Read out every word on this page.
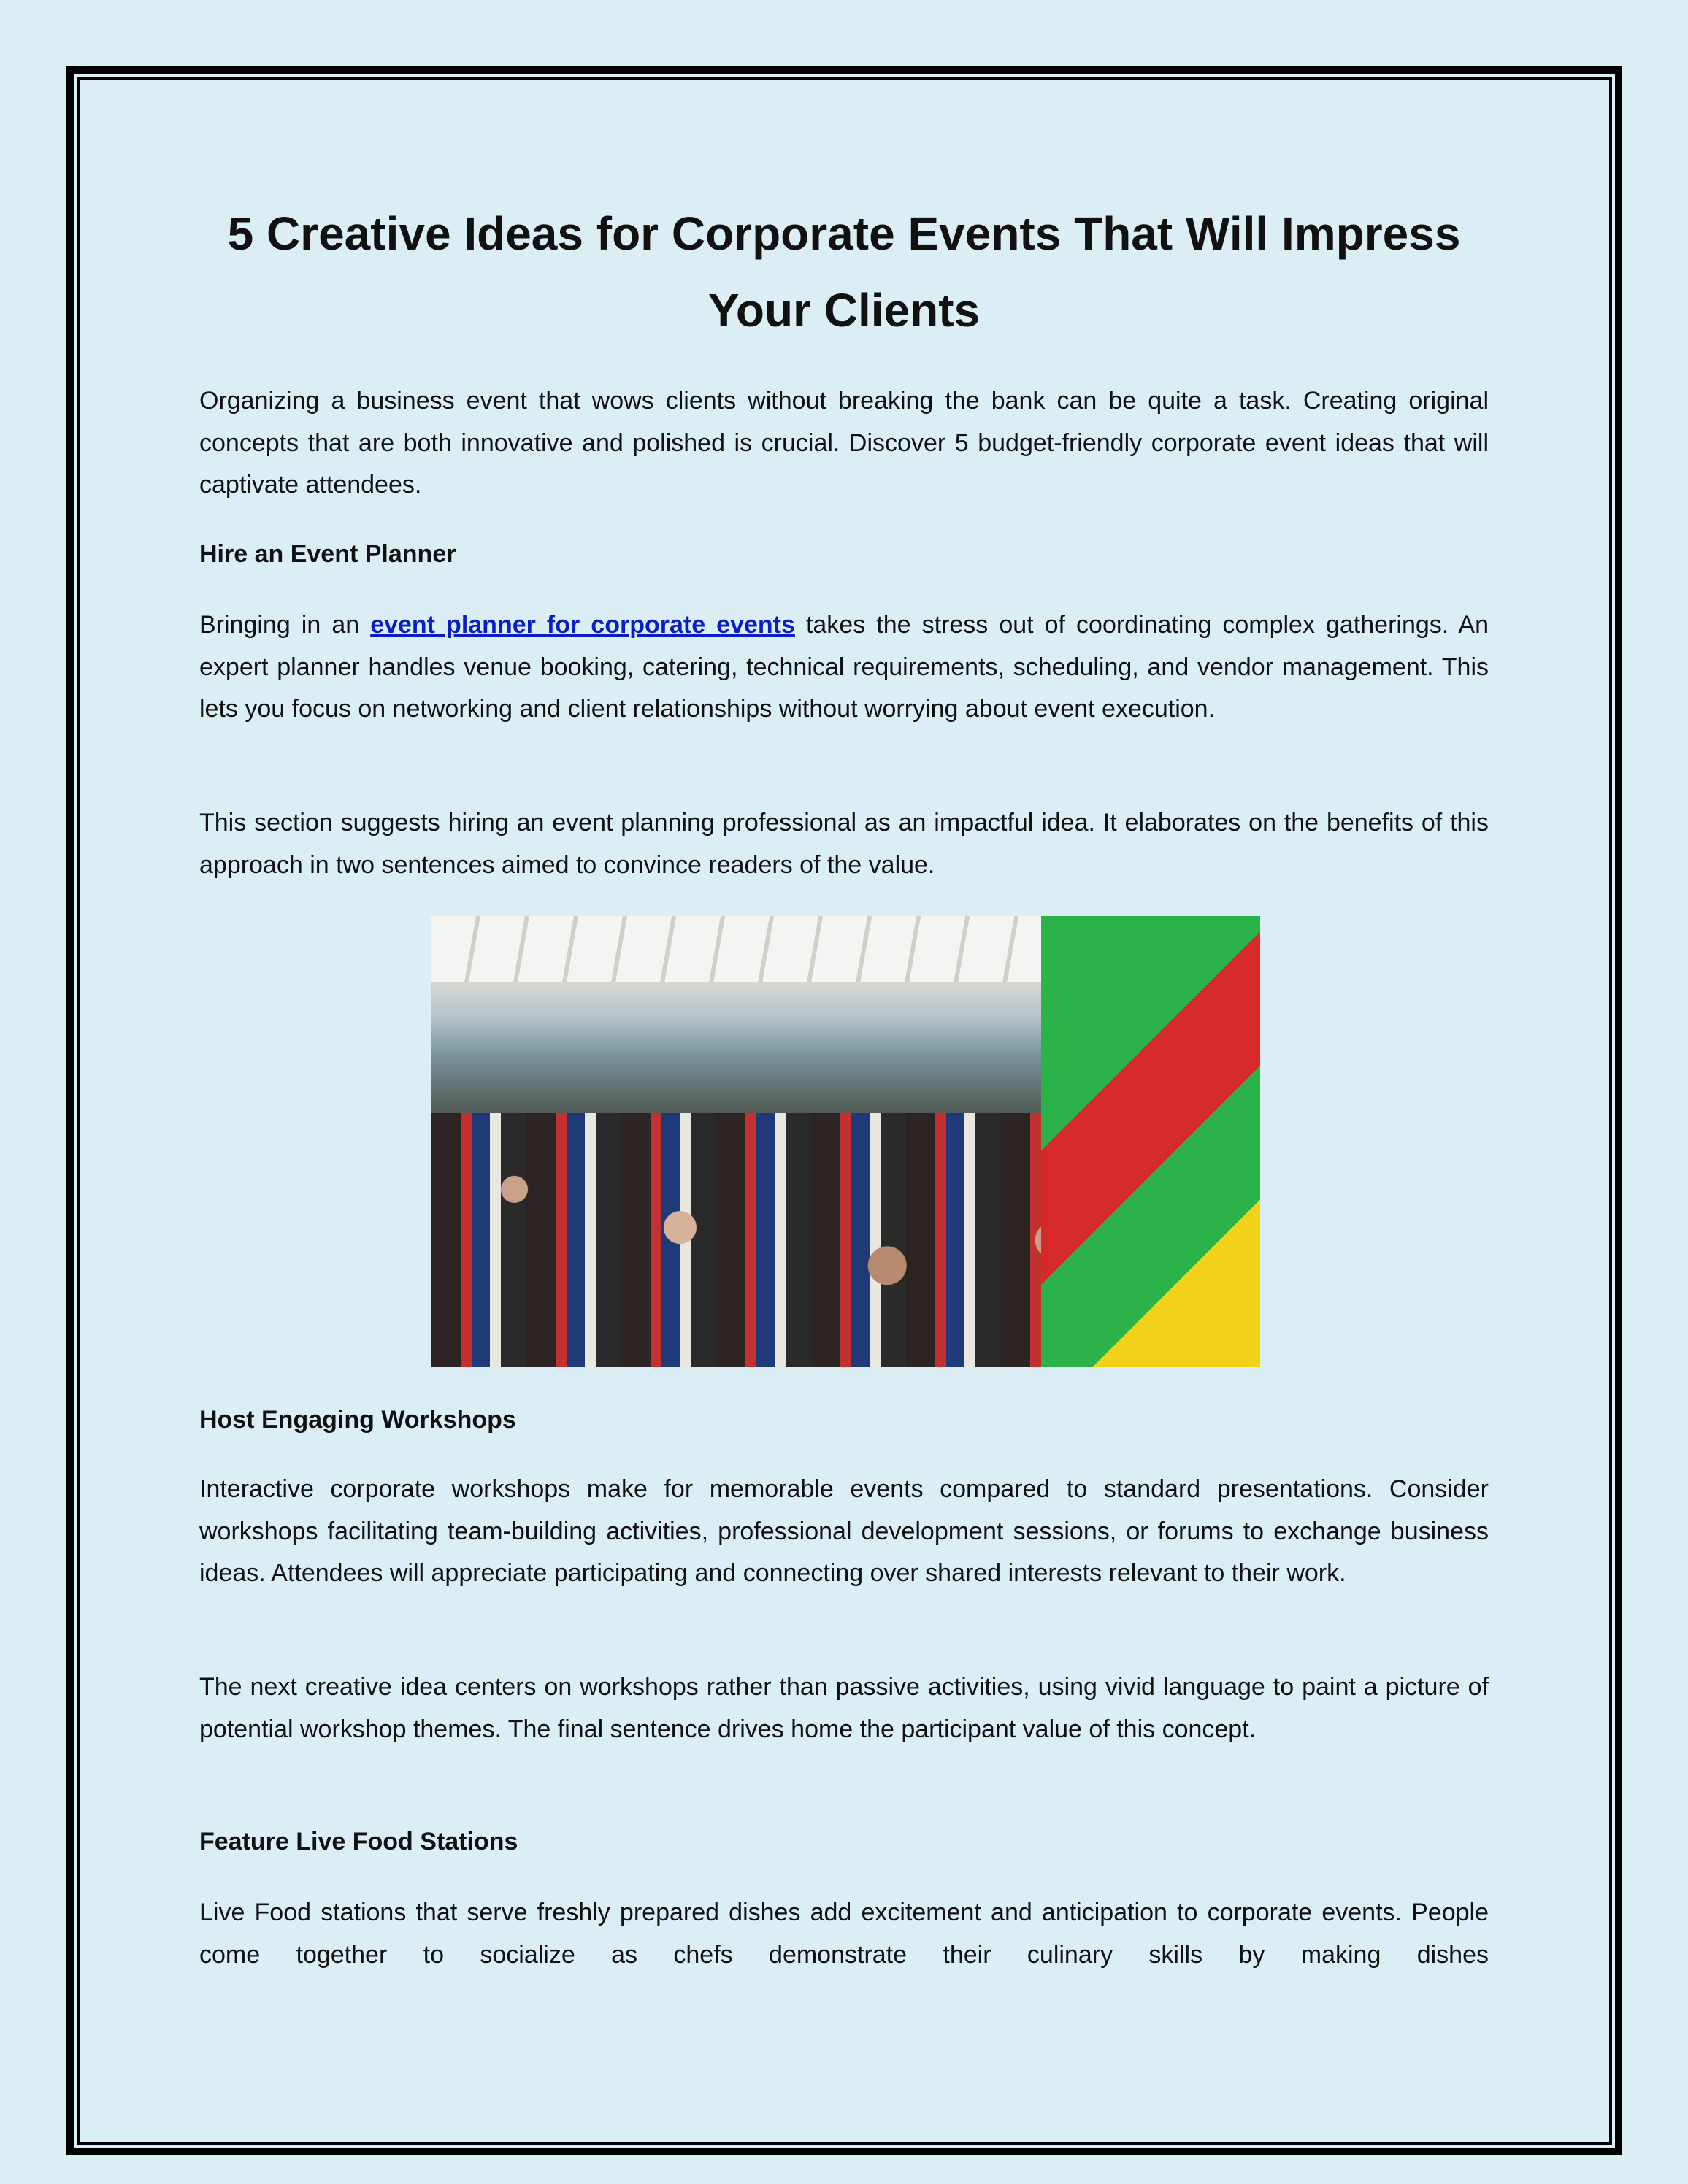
5 Creative Ideas for Corporate Events That Will Impress Your Clients

Organizing a business event that wows clients without breaking the bank can be quite a task. Creating original concepts that are both innovative and polished is crucial. Discover 5 budget-friendly corporate event ideas that will captivate attendees.

Hire an Event Planner

Bringing in an event planner for corporate events takes the stress out of coordinating complex gatherings. An expert planner handles venue booking, catering, technical requirements, scheduling, and vendor management. This lets you focus on networking and client relationships without worrying about event execution.

This section suggests hiring an event planning professional as an impactful idea. It elaborates on the benefits of this approach in two sentences aimed to convince readers of the value.

Host Engaging Workshops

Interactive corporate workshops make for memorable events compared to standard presentations. Consider workshops facilitating team-building activities, professional development sessions, or forums to exchange business ideas. Attendees will appreciate participating and connecting over shared interests relevant to their work.

The next creative idea centers on workshops rather than passive activities, using vivid language to paint a picture of potential workshop themes. The final sentence drives home the participant value of this concept.

Feature Live Food Stations

Live Food stations that serve freshly prepared dishes add excitement and anticipation to corporate events. People come together to socialize as chefs demonstrate their culinary skills by making dishes
